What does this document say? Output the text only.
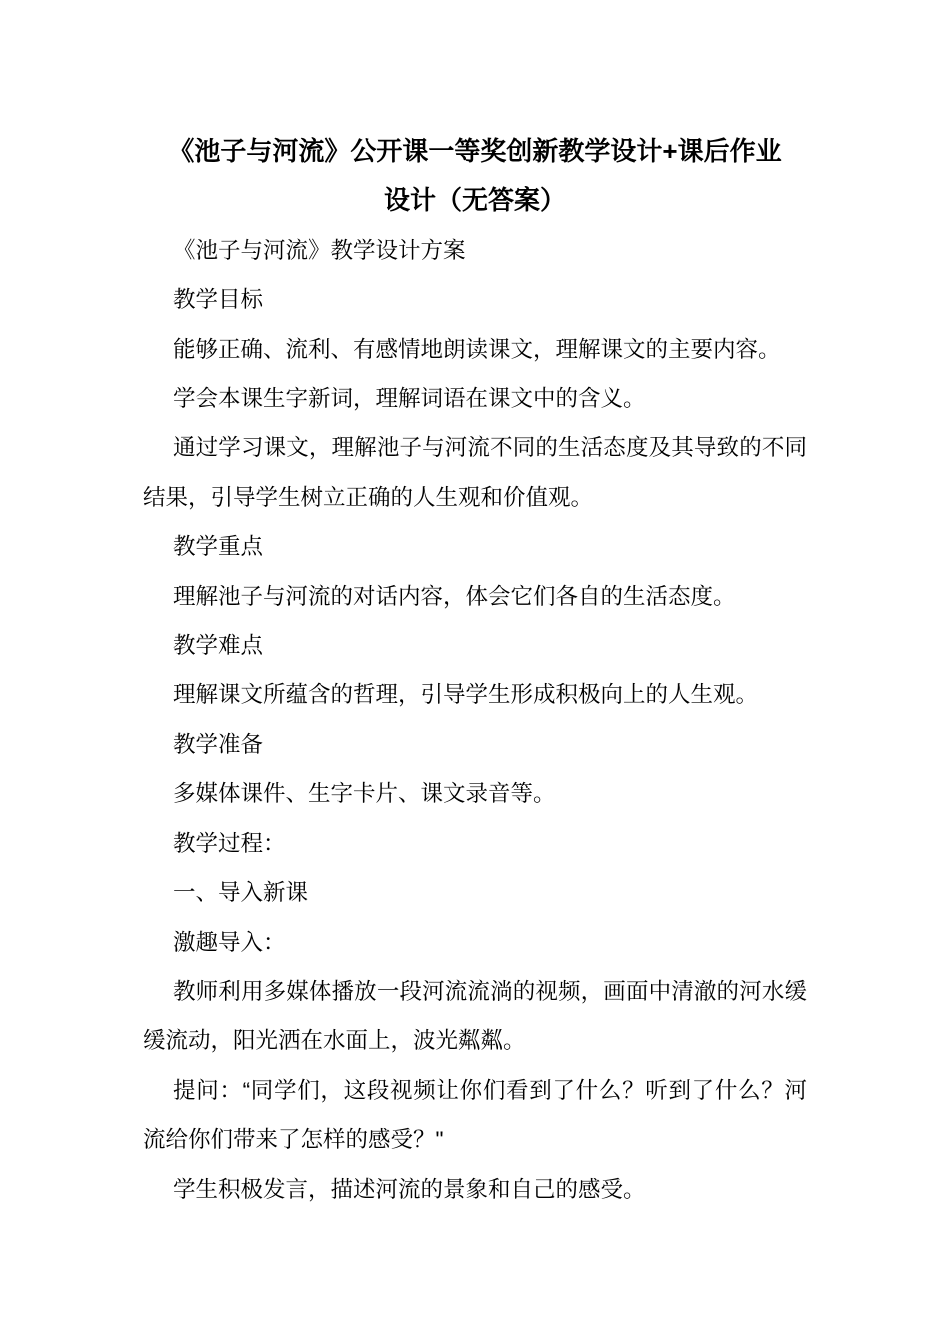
《池子与河流》公开课一等奖创新教学设计+课后作业
设计（无答案）

《池子与河流》教学设计方案

教学目标

能够正确、流利、有感情地朗读课文，理解课文的主要内容。

学会本课生字新词，理解词语在课文中的含义。

通过学习课文，理解池子与河流不同的生活态度及其导致的不同结果，引导学生树立正确的人生观和价值观。

教学重点

理解池子与河流的对话内容，体会它们各自的生活态度。

教学难点

理解课文所蕴含的哲理，引导学生形成积极向上的人生观。

教学准备

多媒体课件、生字卡片、课文录音等。

教学过程：

一、导入新课

激趣导入：

教师利用多媒体播放一段河流流淌的视频，画面中清澈的河水缓缓流动，阳光洒在水面上，波光粼粼。

提问：“同学们，这段视频让你们看到了什么？听到了什么？河流给你们带来了怎样的感受？"

学生积极发言，描述河流的景象和自己的感受。
